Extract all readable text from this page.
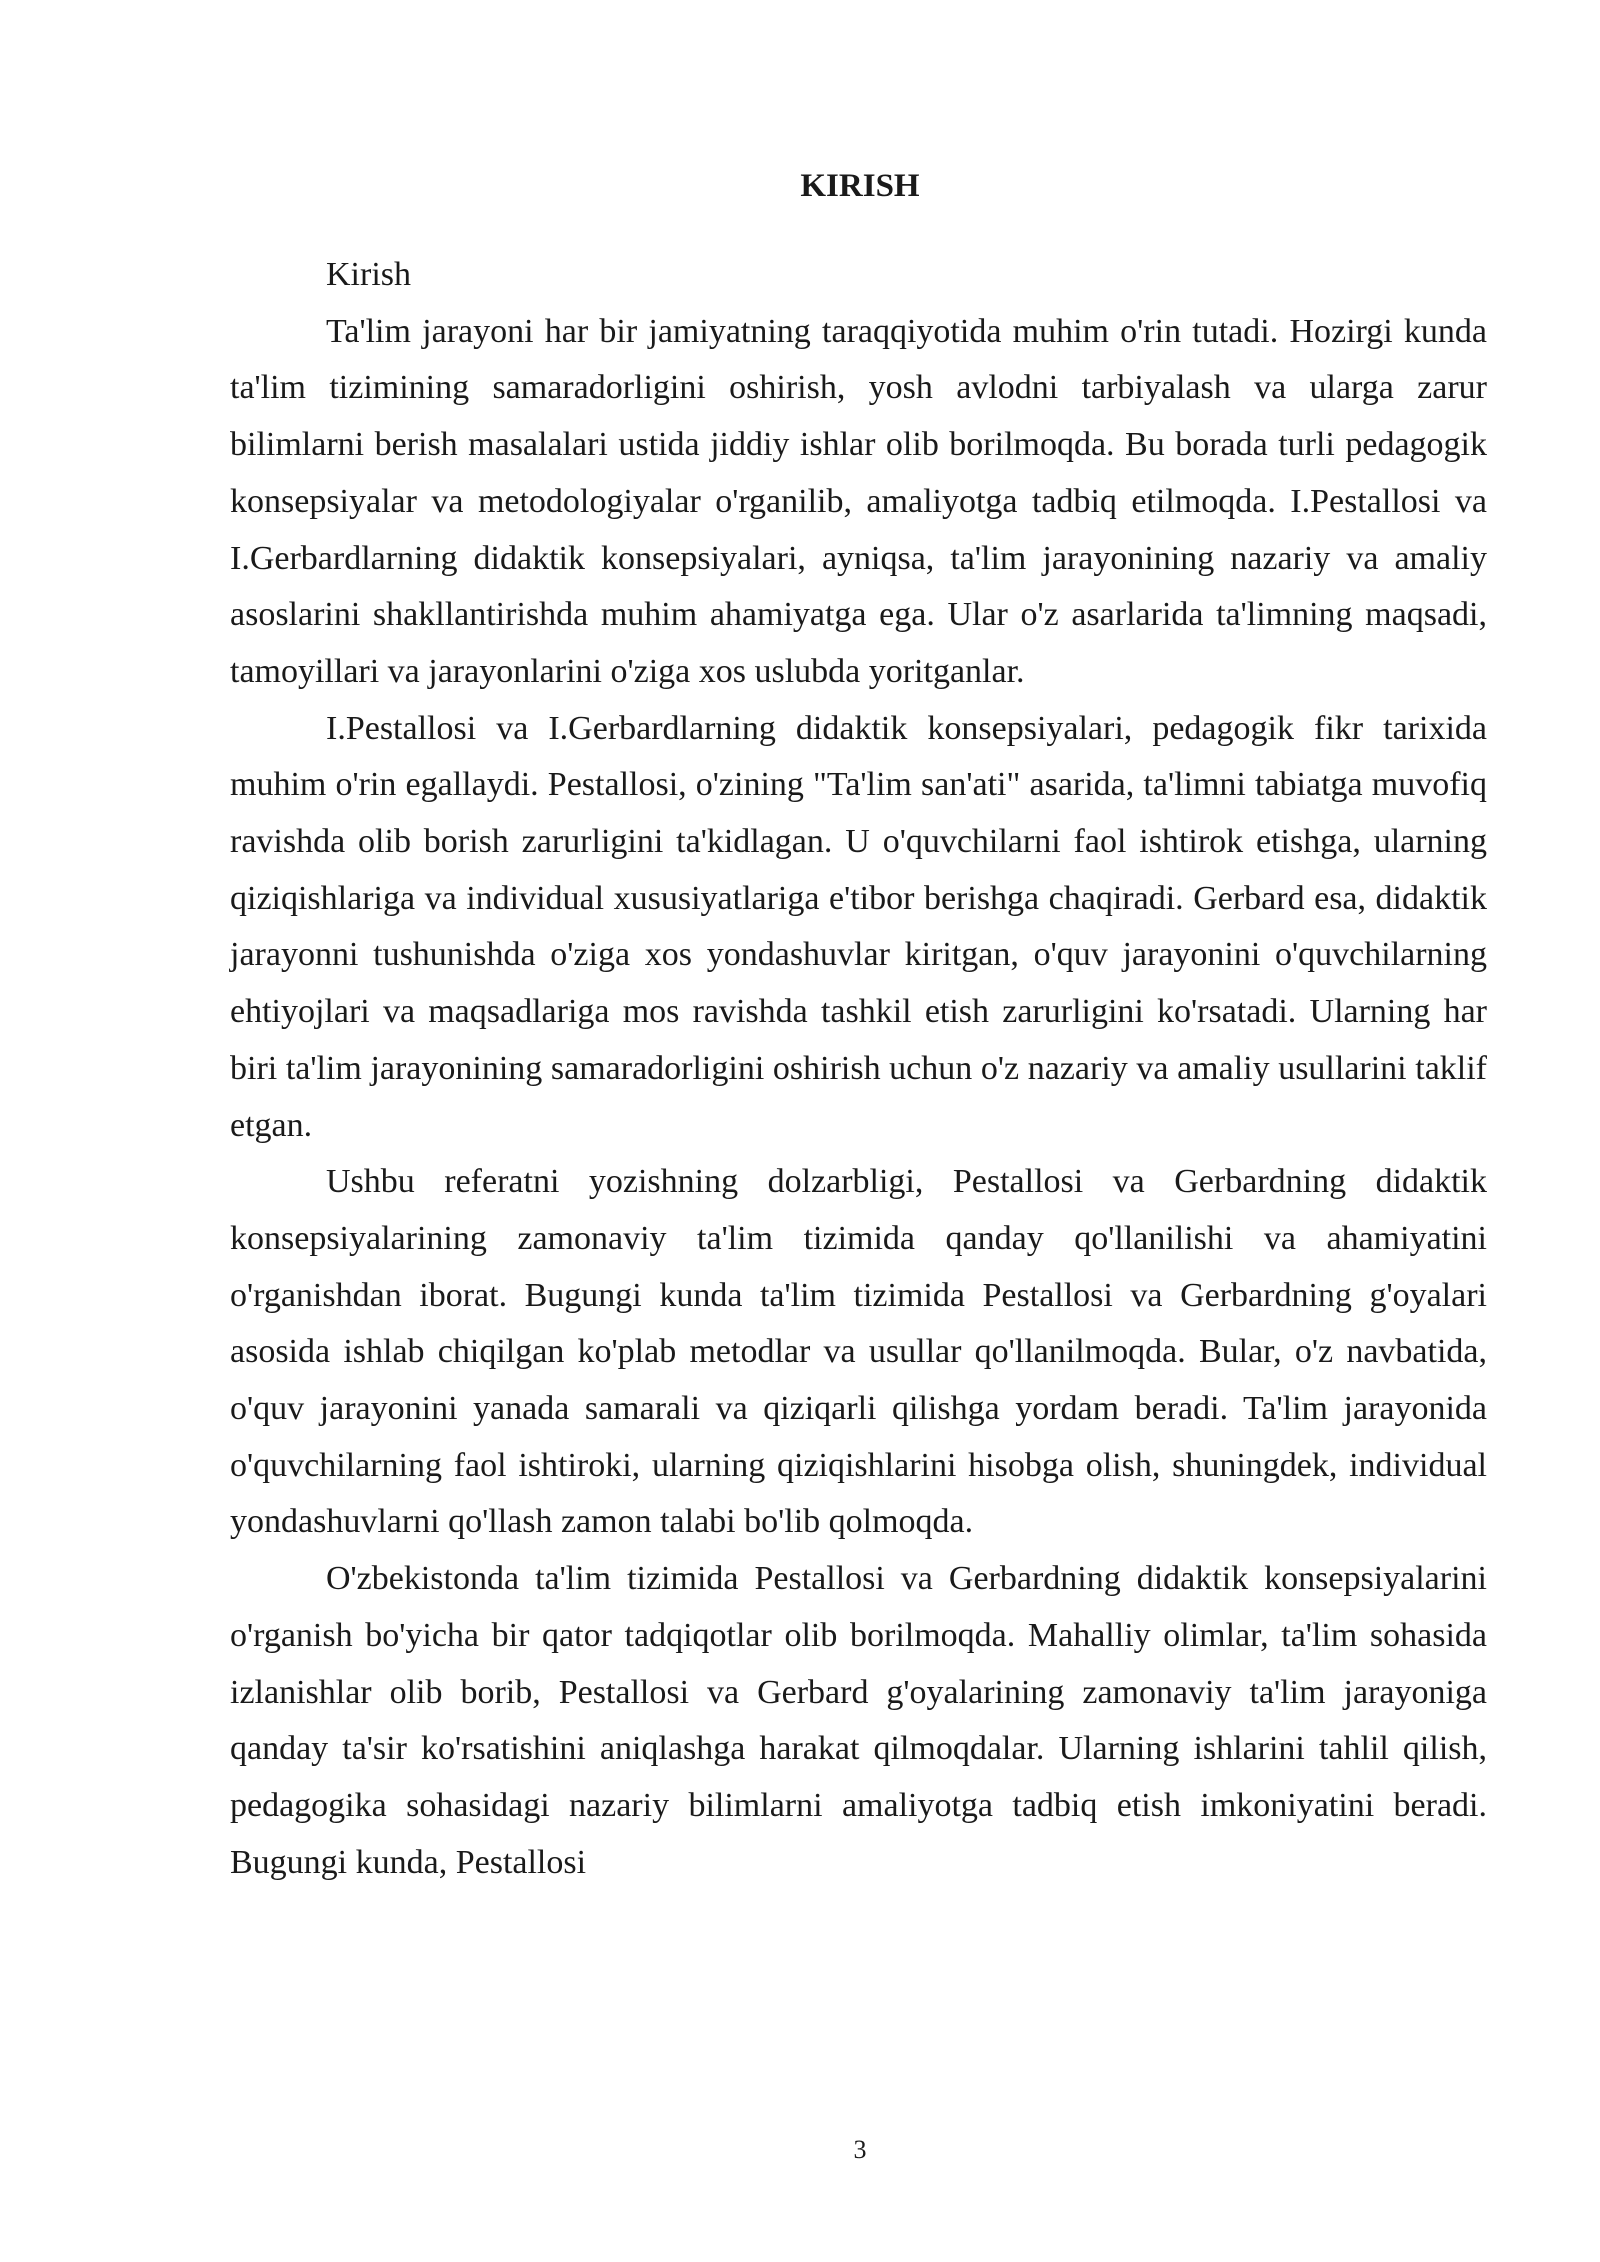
KIRISH
Kirish

Ta'lim jarayoni har bir jamiyatning taraqqiyotida muhim o'rin tutadi. Hozirgi kunda ta'lim tizimining samaradorligini oshirish, yosh avlodni tarbiyalash va ularga zarur bilimlarni berish masalalari ustida jiddiy ishlar olib borilmoqda. Bu borada turli pedagogik konsepsiyalar va metodologiyalar o'rganilib, amaliyotga tadbiq etilmoqda. I.Pestallosi va I.Gerbardlarning didaktik konsepsiyalari, ayniqsa, ta'lim jarayonining nazariy va amaliy asoslarini shakllantirishda muhim ahamiyatga ega. Ular o'z asarlarida ta'limning maqsadi, tamoyillari va jarayonlarini o'ziga xos uslubda yoritganlar.

I.Pestallosi va I.Gerbardlarning didaktik konsepsiyalari, pedagogik fikr tarixida muhim o'rin egallaydi. Pestallosi, o'zining "Ta'lim san'ati" asarida, ta'limni tabiatga muvofiq ravishda olib borish zarurligini ta'kidlagan. U o'quvchilarni faol ishtirok etishga, ularning qiziqishlariga va individual xususiyatlariga e'tibor berishga chaqiradi. Gerbard esa, didaktik jarayonni tushunishda o'ziga xos yondashuvlar kiritgan, o'quv jarayonini o'quvchilarning ehtiyojlari va maqsadlariga mos ravishda tashkil etish zarurligini ko'rsatadi. Ularning har biri ta'lim jarayonining samaradorligini oshirish uchun o'z nazariy va amaliy usullarini taklif etgan.

Ushbu referatni yozishning dolzarbligi, Pestallosi va Gerbardning didaktik konsepsiyalarining zamonaviy ta'lim tizimida qanday qo'llanilishi va ahamiyatini o'rganishdan iborat. Bugungi kunda ta'lim tizimida Pestallosi va Gerbardning g'oyalari asosida ishlab chiqilgan ko'plab metodlar va usullar qo'llanilmoqda. Bular, o'z navbatida, o'quv jarayonini yanada samarali va qiziqarli qilishga yordam beradi. Ta'lim jarayonida o'quvchilarning faol ishtiroki, ularning qiziqishlarini hisobga olish, shuningdek, individual yondashuvlarni qo'llash zamon talabi bo'lib qolmoqda.

O'zbekistonda ta'lim tizimida Pestallosi va Gerbardning didaktik konsepsiyalarini o'rganish bo'yicha bir qator tadqiqotlar olib borilmoqda. Mahalliy olimlar, ta'lim sohasida izlanishlar olib borib, Pestallosi va Gerbard g'oyalarining zamonaviy ta'lim jarayoniga qanday ta'sir ko'rsatishini aniqlashga harakat qilmoqdalar. Ularning ishlarini tahlil qilish, pedagogika sohasidagi nazariy bilimlarni amaliyotga tadbiq etish imkoniyatini beradi. Bugungi kunda, Pestallosi

3
